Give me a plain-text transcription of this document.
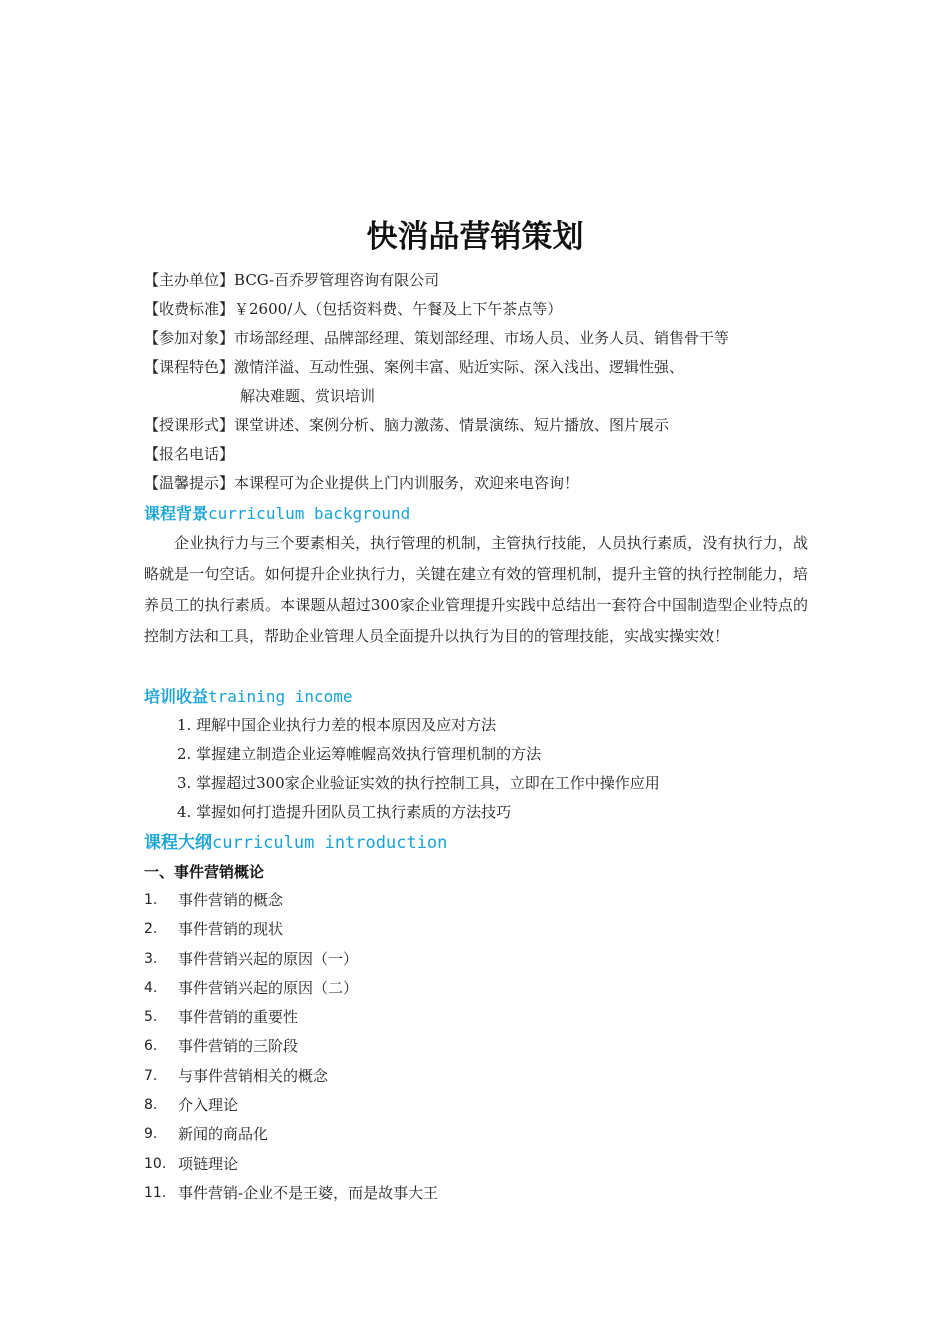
快消品营销策划
【主办单位】 BCG-百乔罗管理咨询有限公司
【收费标准】 ￥2600/人（包括资料费、午餐及上下午茶点等）
【参加对象】 市场部经理、品牌部经理、策划部经理、市场人员、业务人员、销售骨干等
【课程特色】 激情洋溢、互动性强、案例丰富、贴近实际、深入浅出、逻辑性强、
解决难题、赏识培训
【授课形式】 课堂讲述、案例分析、脑力激荡、情景演练、短片播放、图片展示
【报名电话】
【温馨提示】 本课程可为企业提供上门内训服务，欢迎来电咨询！
课程背景curriculum background

企业执行力与三个要素相关，执行管理的机制，主管执行技能，人员执行素质，没有执行力，战略就是一句空话。如何提升企业执行力，关键在建立有效的管理机制，提升主管的执行控制能力，培养员工的执行素质。本课题从超过300家企业管理提升实践中总结出一套符合中国制造型企业特点的控制方法和工具，帮助企业管理人员全面提升以执行为目的的管理技能，实战实操实效！

培训收益training income
1. 理解中国企业执行力差的根本原因及应对方法
2. 掌握建立制造企业运筹帷幄高效执行管理机制的方法
3. 掌握超过300家企业验证实效的执行控制工具，立即在工作中操作应用
4. 掌握如何打造提升团队员工执行素质的方法技巧
课程大纲curriculum introduction
一、事件营销概论
1.	事件营销的概念
2.	事件营销的现状
3.	事件营销兴起的原因（一）
4.	事件营销兴起的原因（二）
5.	事件营销的重要性
6.	事件营销的三阶段
7.	与事件营销相关的概念
8.	介入理论
9.	新闻的商品化
10. 项链理论
11. 事件营销-企业不是王婆，而是故事大王
